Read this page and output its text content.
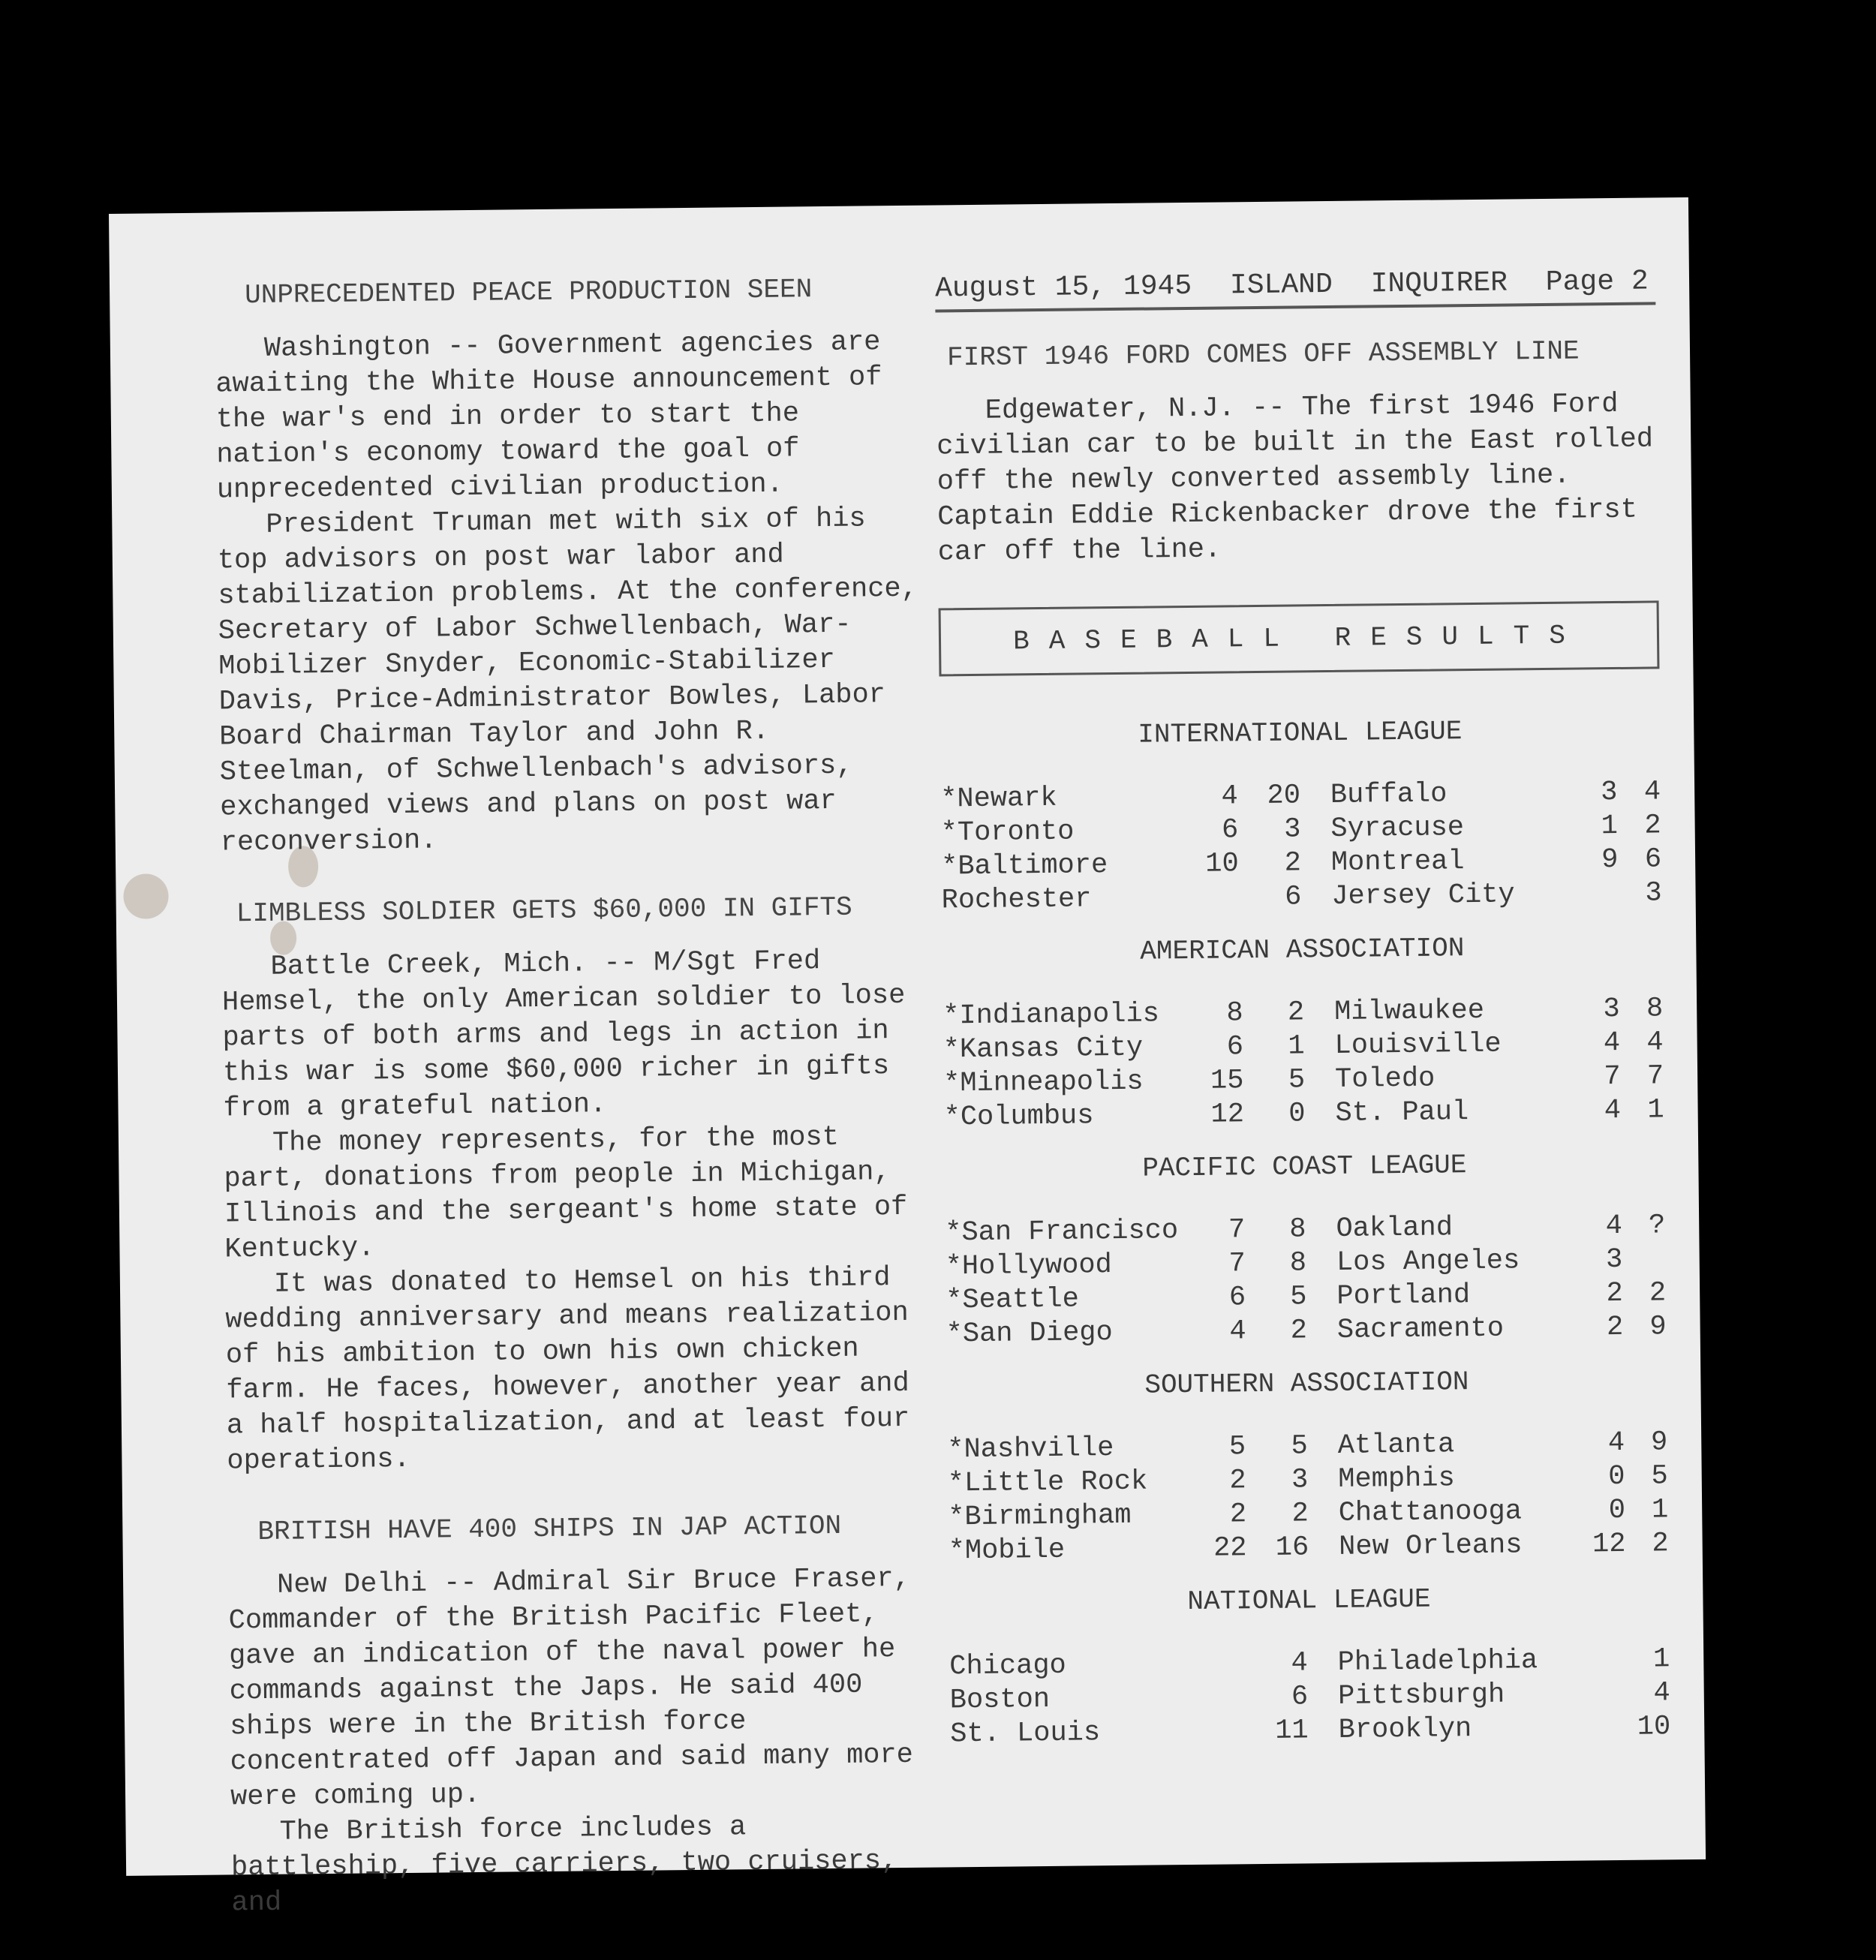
UNPRECEDENTED PEACE PRODUCTION SEEN

Washington -- Government agencies are awaiting the White House announcement of the war's end in order to start the nation's economy toward the goal of unprecedented civilian production.

President Truman met with six of his top advisors on post war labor and stabilization problems. At the conference, Secretary of Labor Schwellenbach, War-Mobilizer Snyder, Economic-Stabilizer Davis, Price-Administrator Bowles, Labor Board Chairman Taylor and John R. Steelman, of Schwellenbach's advisors, exchanged views and plans on post war reconversion.

LIMBLESS SOLDIER GETS $60,000 IN GIFTS

Battle Creek, Mich. -- M/Sgt Fred Hemsel, the only American soldier to lose parts of both arms and legs in action in this war is some $60,000 richer in gifts from a grateful nation.

The money represents, for the most part, donations from people in Michigan, Illinois and the sergeant's home state of Kentucky.

It was donated to Hemsel on his third wedding anniversary and means realization of his ambition to own his own chicken farm. He faces, however, another year and a half hospitalization, and at least four operations.

BRITISH HAVE 400 SHIPS IN JAP ACTION

New Delhi -- Admiral Sir Bruce Fraser, Commander of the British Pacific Fleet, gave an indication of the naval power he commands against the Japs. He said 400 ships were in the British force concentrated off Japan and said many more were coming up.

The British force includes a battleship, five carriers, two cruisers, and

August 15, 1945 ISLAND INQUIRER Page 2
FIRST 1946 FORD COMES OFF ASSEMBLY LINE

Edgewater, N.J. -- The first 1946 Ford civilian car to be built in the East rolled off the newly converted assembly line. Captain Eddie Rickenbacker drove the first car off the line.

BASEBALL RESULTS
INTERNATIONAL LEAGUE
*Newark	4	20	Buffalo	3	4
*Toronto	6	3	Syracuse	1	2
*Baltimore	10	2	Montreal	9	6
Rochester		6	Jersey City		3
AMERICAN ASSOCIATION
*Indianapolis	8	2	Milwaukee	3	8
*Kansas City	6	1	Louisville	4	4
*Minneapolis	15	5	Toledo	7	7
*Columbus	12	0	St. Paul	4	1
PACIFIC COAST LEAGUE
*San Francisco	7	8	Oakland	4	?
*Hollywood	7	8	Los Angeles	3	
*Seattle	6	5	Portland	2	2
*San Diego	4	2	Sacramento	2	9
SOUTHERN ASSOCIATION
*Nashville	5	5	Atlanta	4	9
*Little Rock	2	3	Memphis	0	5
*Birmingham	2	2	Chattanooga	0	1
*Mobile	22	16	New Orleans	12	2
NATIONAL LEAGUE
Chicago		4	Philadelphia		1
Boston		6	Pittsburgh		4
St. Louis		11	Brooklyn		10
